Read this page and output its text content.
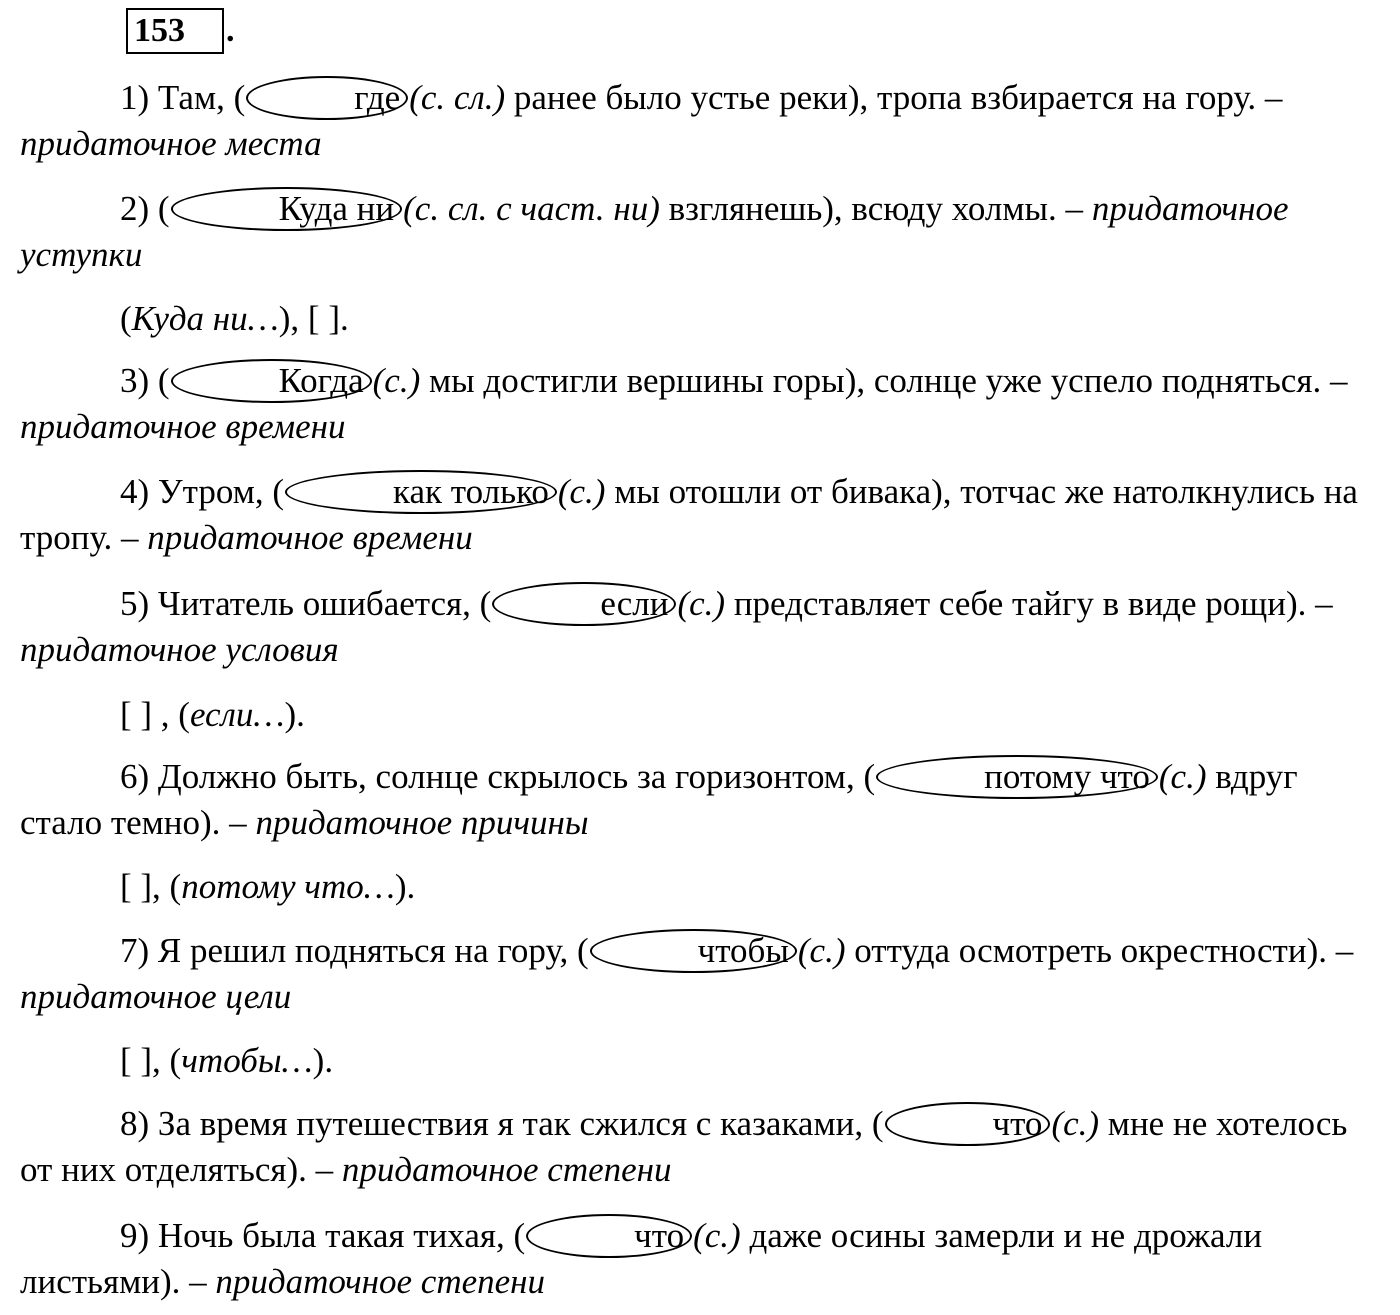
153	.

1) Там, (	где (с. сл.) ранее было устье реки), тропа взбирается на гору. – придаточное места

2) (	Куда ни (с. сл. с част. ни) взглянешь), всюду холмы. – придаточное уступки

(Куда ни…), [ ].

3) (	Когда (с.) мы достигли вершины горы), солнце уже успело подняться. – придаточное времени

4) Утром, (	как только (с.) мы отошли от бивака), тотчас же натолкнулись на тропу. – придаточное времени

5) Читатель ошибается, (	если (с.) представляет себе тайгу в виде рощи). – придаточное условия

[ ] , (если…).

6) Должно быть, солнце скрылось за горизонтом, (	потому что (с.) вдруг стало темно). – придаточное причины

[ ], (потому что…).

7) Я решил подняться на гору, (	чтобы (с.) оттуда осмотреть окрестности). – придаточное цели

[ ], (чтобы…).

8) За время путешествия я так сжился с казаками, (	что (с.) мне не хотелось от них отделяться). – придаточное степени

9) Ночь была такая тихая, (	что (с.) даже осины замерли и не дрожали листьями). – придаточное степени
